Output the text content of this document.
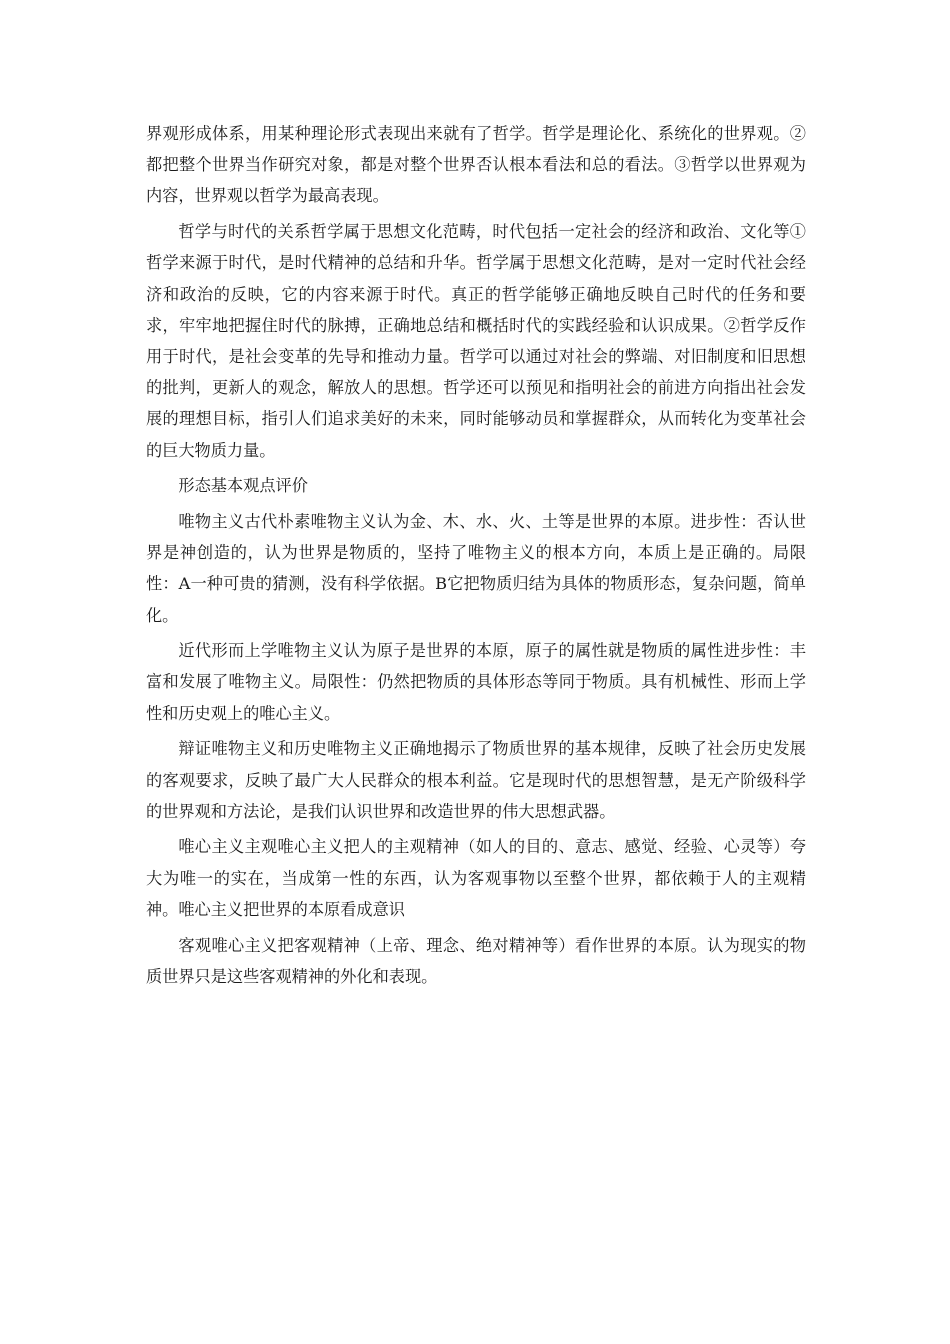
界观形成体系，用某种理论形式表现出来就有了哲学。哲学是理论化、系统化的世界观。②都把整个世界当作研究对象，都是对整个世界否认根本看法和总的看法。③哲学以世界观为内容，世界观以哲学为最高表现。

哲学与时代的关系哲学属于思想文化范畴，时代包括一定社会的经济和政治、文化等①哲学来源于时代，是时代精神的总结和升华。哲学属于思想文化范畴，是对一定时代社会经济和政治的反映，它的内容来源于时代。真正的哲学能够正确地反映自己时代的任务和要求，牢牢地把握住时代的脉搏，正确地总结和概括时代的实践经验和认识成果。②哲学反作用于时代，是社会变革的先导和推动力量。哲学可以通过对社会的弊端、对旧制度和旧思想的批判，更新人的观念，解放人的思想。哲学还可以预见和指明社会的前进方向指出社会发展的理想目标，指引人们追求美好的未来，同时能够动员和掌握群众，从而转化为变革社会的巨大物质力量。

形态基本观点评价

唯物主义古代朴素唯物主义认为金、木、水、火、土等是世界的本原。进步性：否认世界是神创造的，认为世界是物质的，坚持了唯物主义的根本方向，本质上是正确的。局限性：A一种可贵的猜测，没有科学依据。B它把物质归结为具体的物质形态，复杂问题，简单化。

近代形而上学唯物主义认为原子是世界的本原，原子的属性就是物质的属性进步性：丰富和发展了唯物主义。局限性：仍然把物质的具体形态等同于物质。具有机械性、形而上学性和历史观上的唯心主义。

辩证唯物主义和历史唯物主义正确地揭示了物质世界的基本规律，反映了社会历史发展的客观要求，反映了最广大人民群众的根本利益。它是现时代的思想智慧，是无产阶级科学的世界观和方法论，是我们认识世界和改造世界的伟大思想武器。

唯心主义主观唯心主义把人的主观精神（如人的目的、意志、感觉、经验、心灵等）夸大为唯一的实在，当成第一性的东西，认为客观事物以至整个世界，都依赖于人的主观精神。唯心主义把世界的本原看成意识

客观唯心主义把客观精神（上帝、理念、绝对精神等）看作世界的本原。认为现实的物质世界只是这些客观精神的外化和表现。
